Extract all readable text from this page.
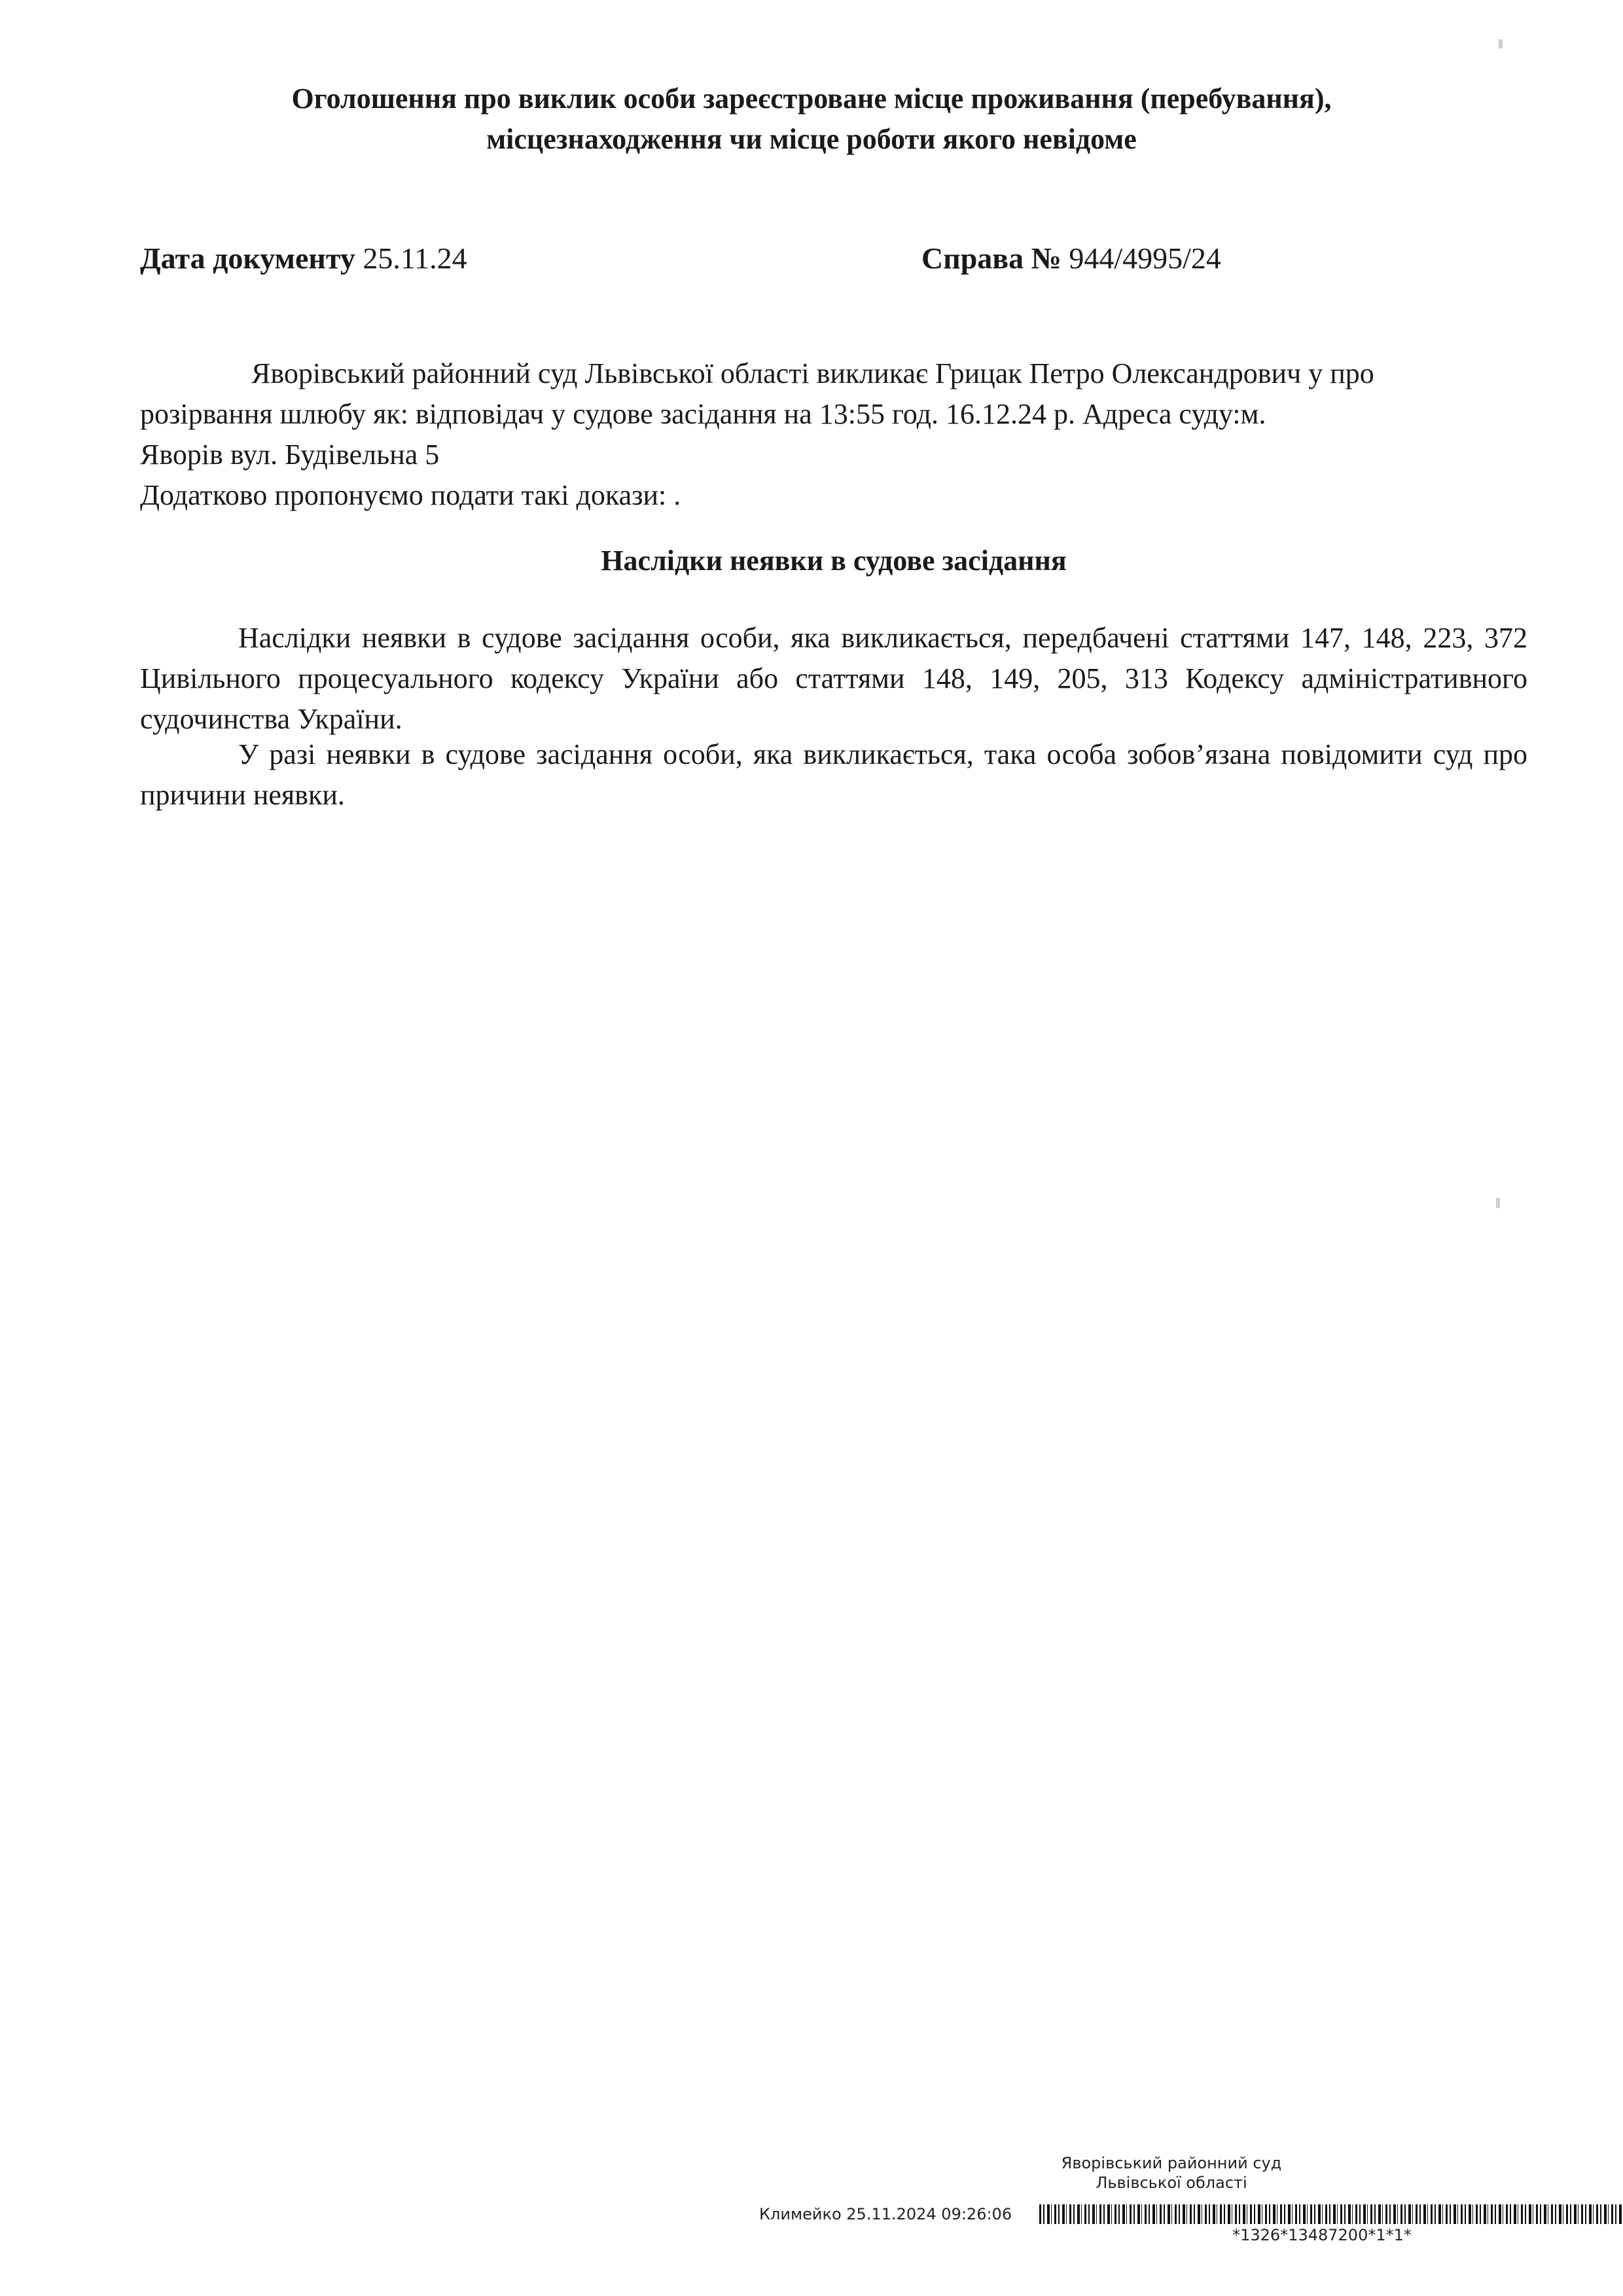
Оголошення про виклик особи зареєстроване місце проживання (перебування),
місцезнаходження чи місце роботи якого невідоме
Дата документу 25.11.24	Справа № 944/4995/24
Яворівський районний суд Львівської області викликає Грицак Петро Олександрович у про
розірвання шлюбу як: відповідач у судове засідання на 13:55 год. 16.12.24 р. Адреса суду:м.
Яворів вул. Будівельна 5
Додатково пропонуємо подати такі докази: .
Наслідки неявки в судове засідання

Наслідки неявки в судове засідання особи, яка викликається, передбачені статтями 147, 148, 223, 372 Цивільного процесуального кодексу України або статтями 148, 149, 205, 313 Кодексу адміністративного судочинства України.

У разі неявки в судове засідання особи, яка викликається, така особа зобов’язана повідомити суд про причини неявки.

Яворівський районний суд
Львівської області
Климейко 25.11.2024 09:26:06
*1326*13487200*1*1*
